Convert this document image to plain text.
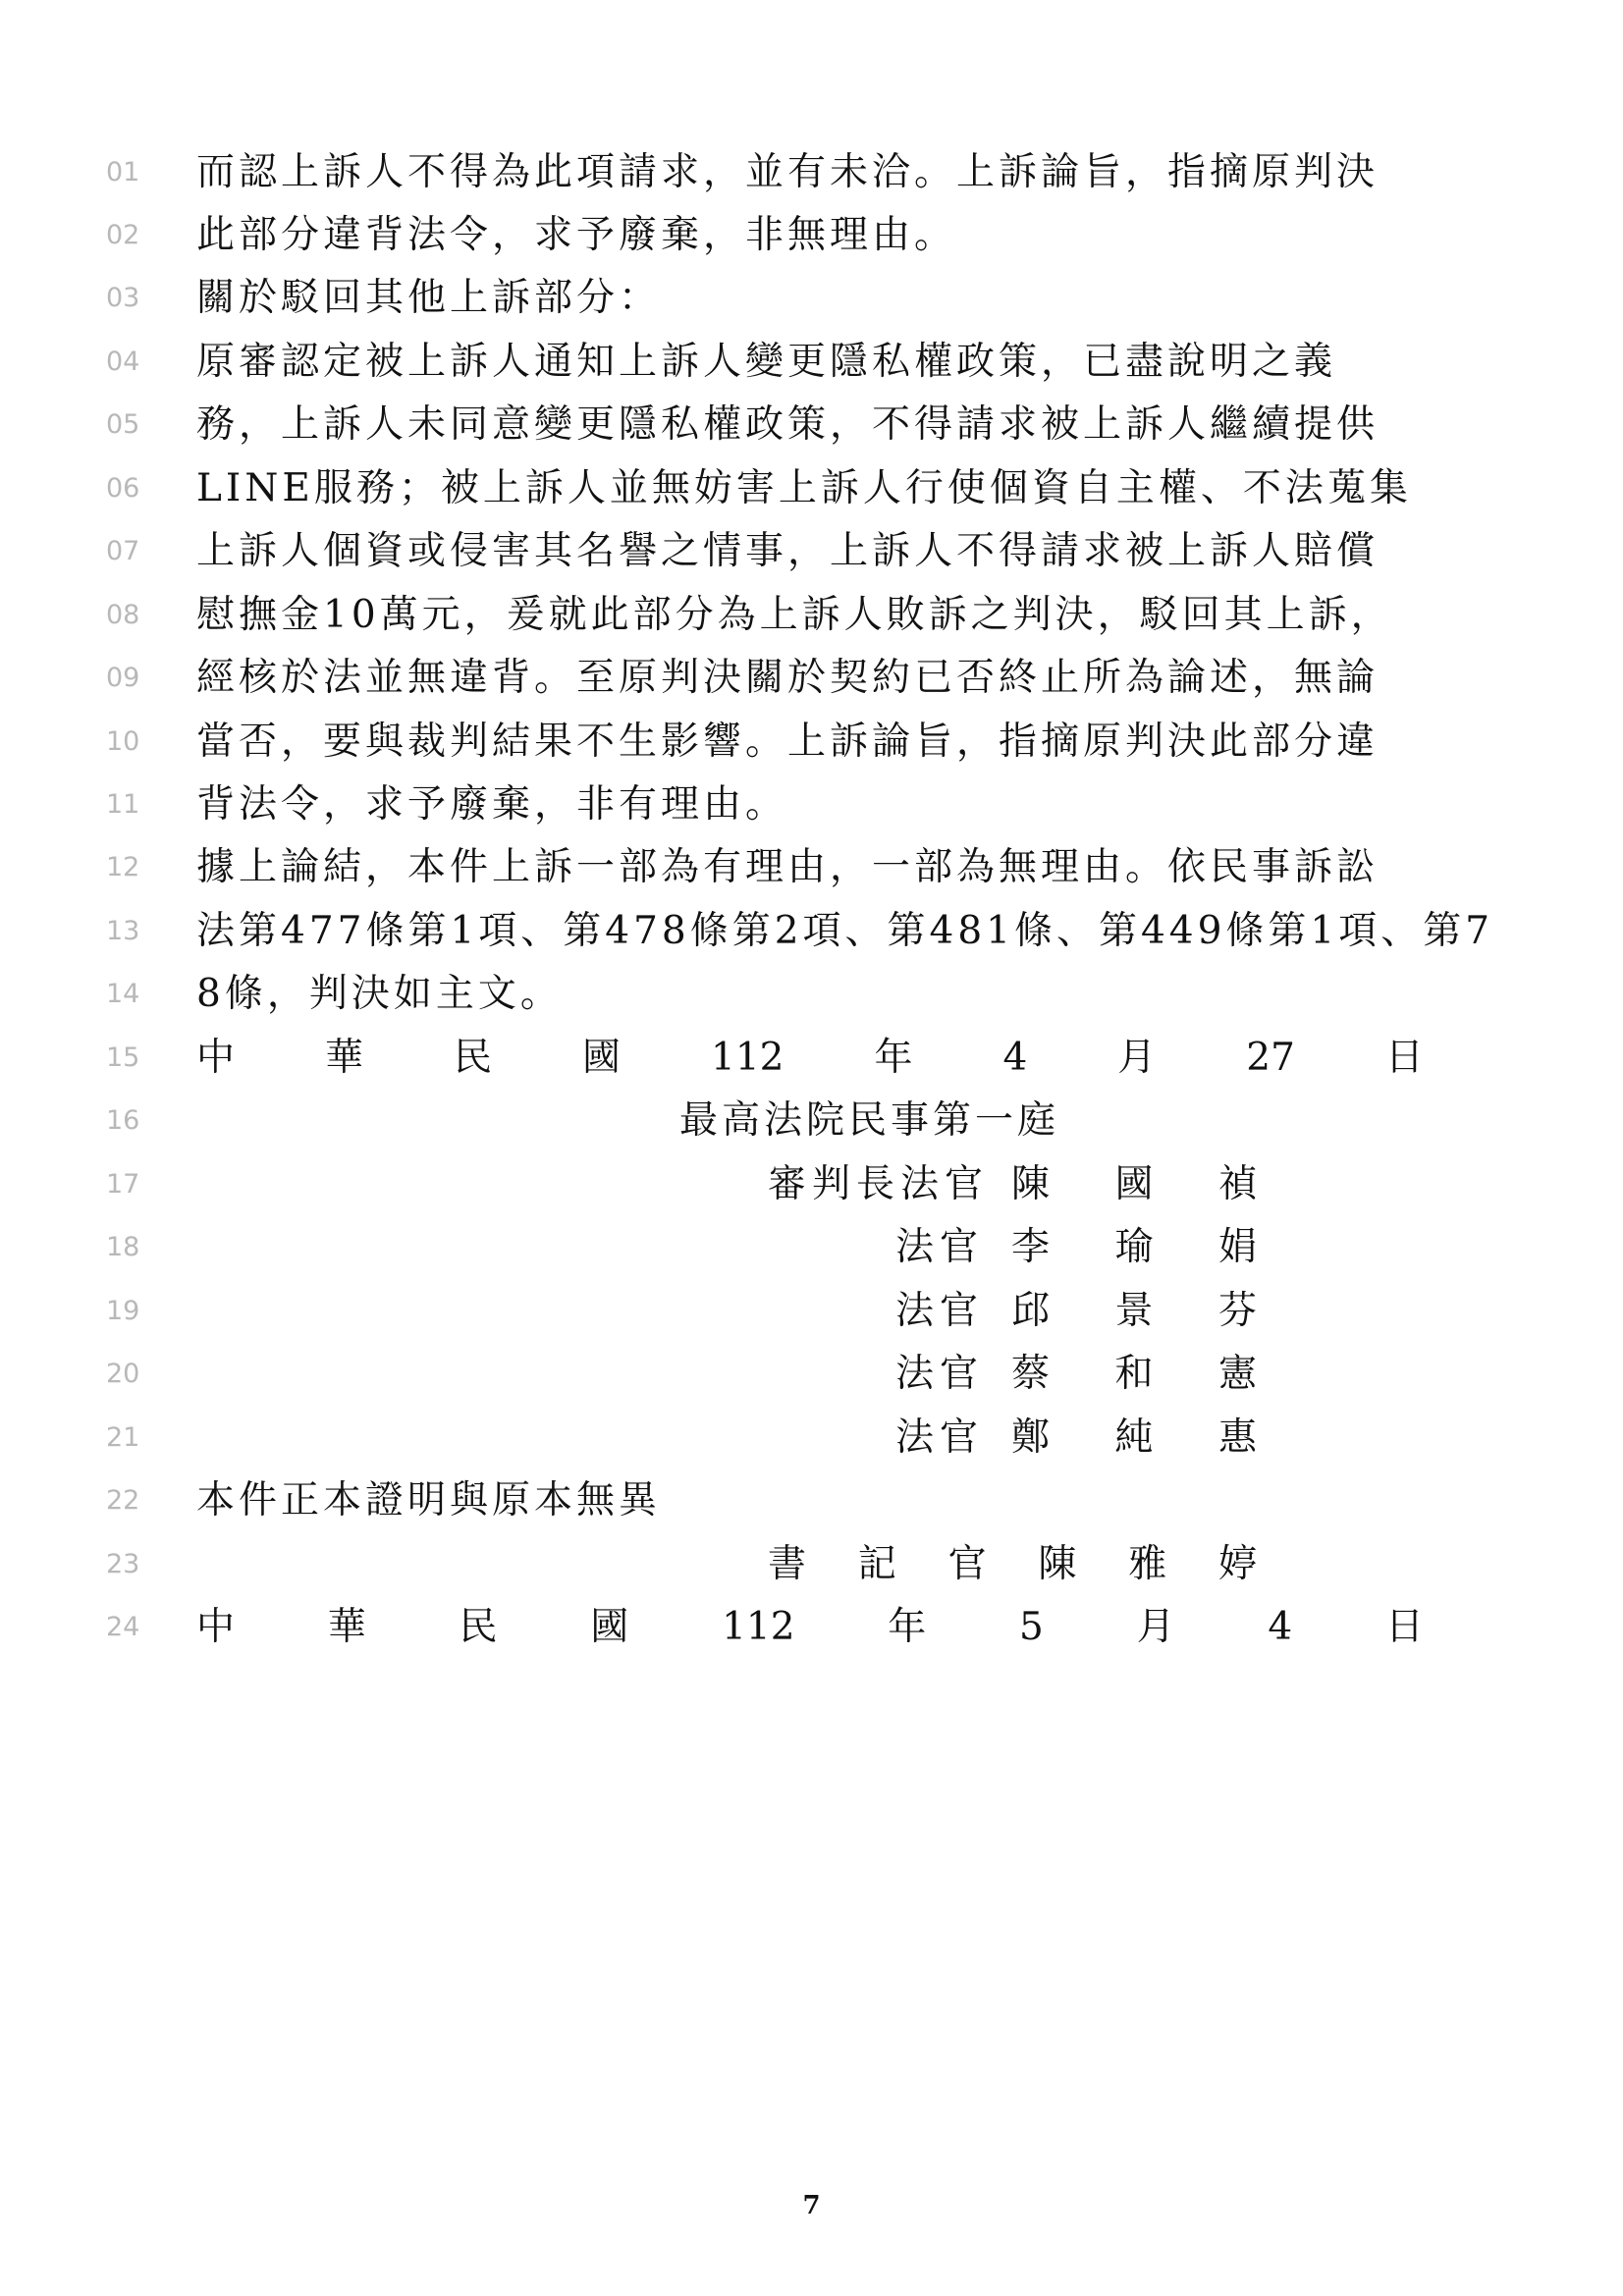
01	而認上訴人不得為此項請求，並有未洽。上訴論旨，指摘原判決
02	此部分違背法令，求予廢棄，非無理由。
03	關於駁回其他上訴部分：
04	原審認定被上訴人通知上訴人變更隱私權政策，已盡說明之義
05	務，上訴人未同意變更隱私權政策，不得請求被上訴人繼續提供
06	LINE服務；被上訴人並無妨害上訴人行使個資自主權、不法蒐集
07	上訴人個資或侵害其名譽之情事，上訴人不得請求被上訴人賠償
08	慰撫金10萬元，爰就此部分為上訴人敗訴之判決，駁回其上訴，
09	經核於法並無違背。至原判決關於契約已否終止所為論述，無論
10	當否，要與裁判結果不生影響。上訴論旨，指摘原判決此部分違
11	背法令，求予廢棄，非有理由。
12	據上論結，本件上訴一部為有理由，一部為無理由。依民事訴訟
13	法第477條第1項、第478條第2項、第481條、第449條第1項、第7
14	8條，判決如主文。
15	中 華 民 國 112 年 4 月 27 日
16	最高法院民事第一庭
17	審判長法官 陳 國 禎
18	法官 李 瑜 娟
19	法官 邱 景 芬
20	法官 蔡 和 憲
21	法官 鄭 純 惠
22	本件正本證明與原本無異
23	書 記 官 陳 雅 婷
24	中 華 民 國 112 年 5 月 4 日
7
